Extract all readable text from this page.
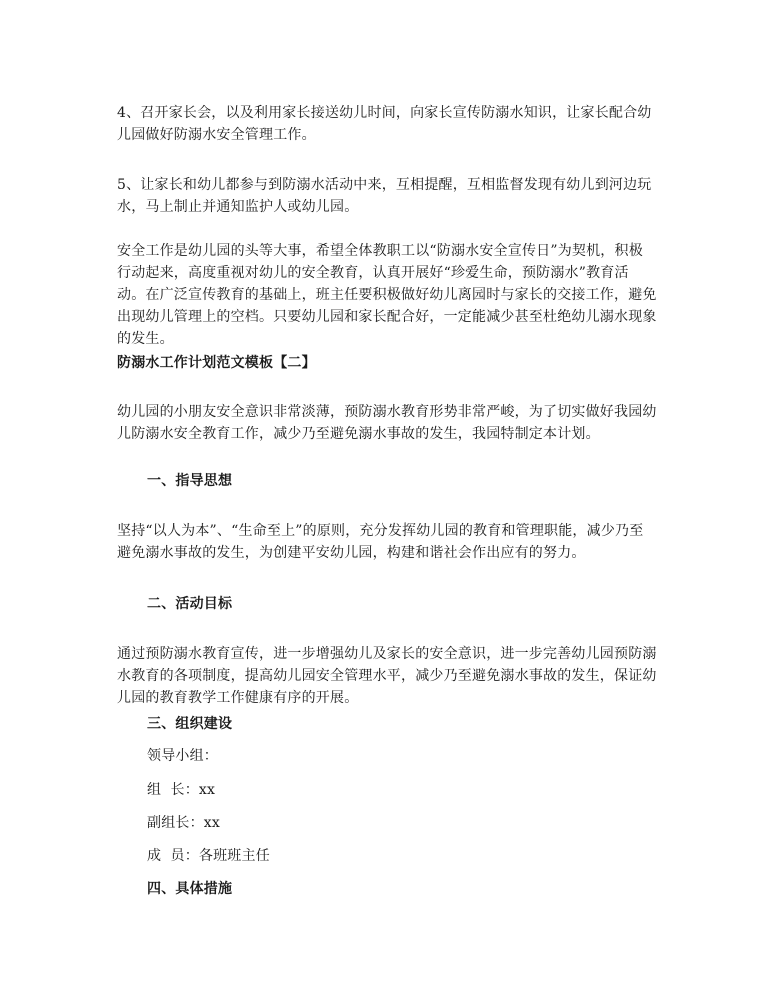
4、召开家长会，以及利用家长接送幼儿时间，向家长宣传防溺水知识，让家长配合幼儿园做好防溺水安全管理工作。

5、让家长和幼儿都参与到防溺水活动中来，互相提醒，互相监督发现有幼儿到河边玩水，马上制止并通知监护人或幼儿园。

安全工作是幼儿园的头等大事，希望全体教职工以“防溺水安全宣传日”为契机，积极行动起来，高度重视对幼儿的安全教育，认真开展好“珍爱生命，预防溺水”教育活动。在广泛宣传教育的基础上，班主任要积极做好幼儿离园时与家长的交接工作，避免出现幼儿管理上的空档。只要幼儿园和家长配合好，一定能减少甚至杜绝幼儿溺水现象的发生。

防溺水工作计划范文模板【二】

幼儿园的小朋友安全意识非常淡薄，预防溺水教育形势非常严峻，为了切实做好我园幼儿防溺水安全教育工作，减少乃至避免溺水事故的发生，我园特制定本计划。

一、指导思想

坚持“以人为本”、“生命至上”的原则，充分发挥幼儿园的教育和管理职能，减少乃至避免溺水事故的发生，为创建平安幼儿园，构建和谐社会作出应有的努力。

二、活动目标

通过预防溺水教育宣传，进一步增强幼儿及家长的安全意识，进一步完善幼儿园预防溺水教育的各项制度，提高幼儿园安全管理水平，减少乃至避免溺水事故的发生，保证幼儿园的教育教学工作健康有序的开展。

三、组织建设

领导小组：

组  长：xx

副组长：xx

成  员：各班班主任

四、具体措施
